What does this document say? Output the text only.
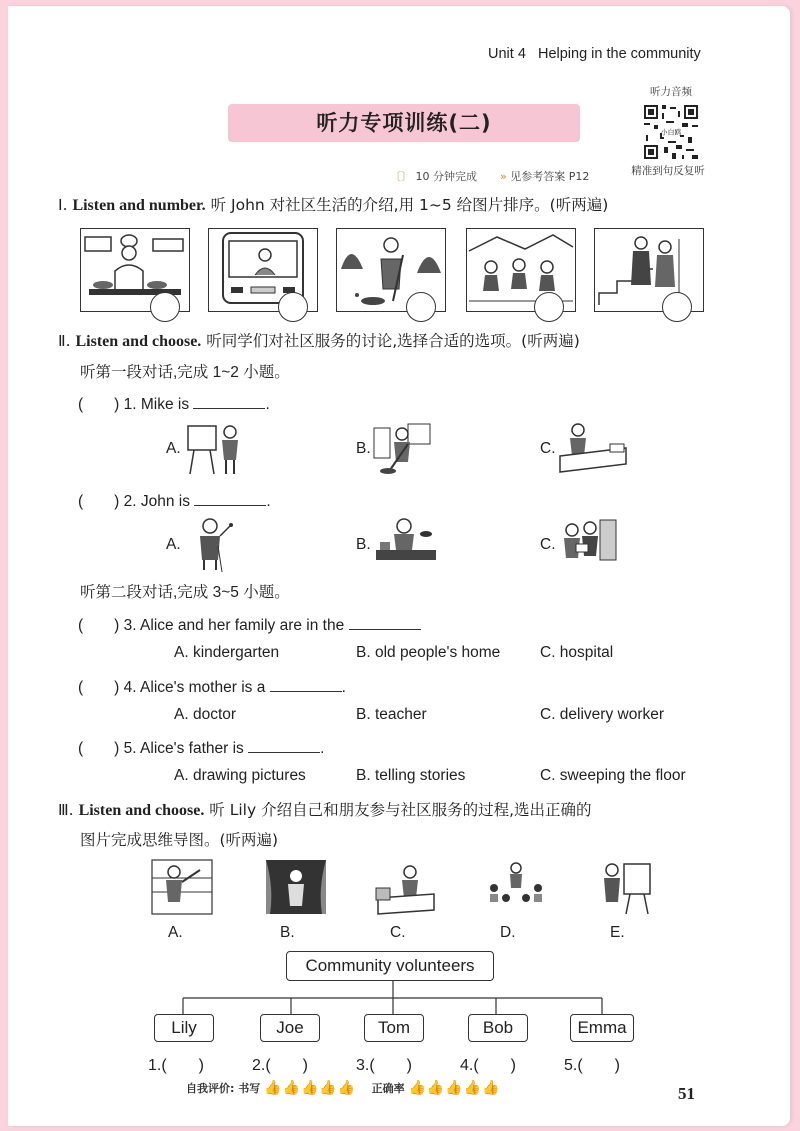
Unit 4 Helping in the community
听力专项训练(二)
听力音频
小白鸥
精准到句反复听
〔〕 10 分钟完成 » 见参考答案 P12
Ⅰ. Listen and number. 听 John 对社区生活的介绍,用 1~5 给图片排序。(听两遍)
Ⅱ. Listen and choose. 听同学们对社区服务的讨论,选择合适的选项。(听两遍)
听第一段对话,完成 1~2 小题。
(　　) 1. Mike is	.
A.	B.	C.
(　　) 2. John is	.
A.	B.	C.
听第二段对话,完成 3~5 小题。
(　　) 3. Alice and her family are in the
A. kindergarten	B. old people's home	C. hospital
(　　) 4. Alice's mother is a	.
A. doctor	B. teacher	C. delivery worker
(　　) 5. Alice's father is	.
A. drawing pictures	B. telling stories	C. sweeping the floor
Ⅲ. Listen and choose. 听 Lily 介绍自己和朋友参与社区服务的过程,选出正确的
图片完成思维导图。(听两遍)
A.	B.	C.	D.	E.
Community volunteers
Lily	Joe	Tom	Bob	Emma
1.(　　)	2.(　　)	3.(　　)	4.(　　)	5.(　　)
自我评价: 书写 👍👍👍👍👍 正确率 👍👍👍👍👍	51
